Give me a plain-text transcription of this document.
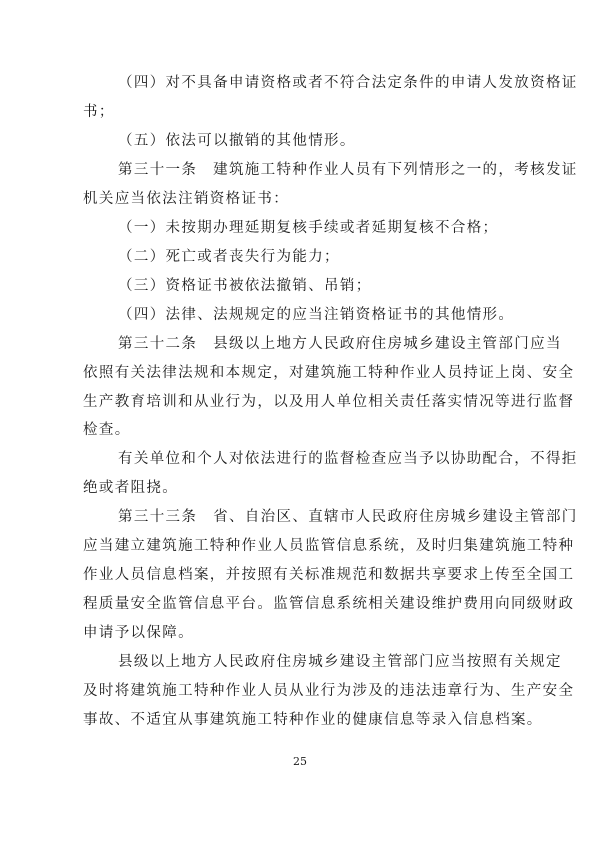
（四）对不具备申请资格或者不符合法定条件的申请人发放资格证
书；
（五）依法可以撤销的其他情形。
第三十一条　建筑施工特种作业人员有下列情形之一的，考核发证
机关应当依法注销资格证书：
（一）未按期办理延期复核手续或者延期复核不合格；
（二）死亡或者丧失行为能力；
（三）资格证书被依法撤销、吊销；
（四）法律、法规规定的应当注销资格证书的其他情形。
第三十二条　县级以上地方人民政府住房城乡建设主管部门应当
依照有关法律法规和本规定，对建筑施工特种作业人员持证上岗、安全
生产教育培训和从业行为，以及用人单位相关责任落实情况等进行监督
检查。
有关单位和个人对依法进行的监督检查应当予以协助配合，不得拒
绝或者阻挠。
第三十三条　省、自治区、直辖市人民政府住房城乡建设主管部门
应当建立建筑施工特种作业人员监管信息系统，及时归集建筑施工特种
作业人员信息档案，并按照有关标准规范和数据共享要求上传至全国工
程质量安全监管信息平台。监管信息系统相关建设维护费用向同级财政
申请予以保障。
县级以上地方人民政府住房城乡建设主管部门应当按照有关规定
及时将建筑施工特种作业人员从业行为涉及的违法违章行为、生产安全
事故、不适宜从事建筑施工特种作业的健康信息等录入信息档案。
25
